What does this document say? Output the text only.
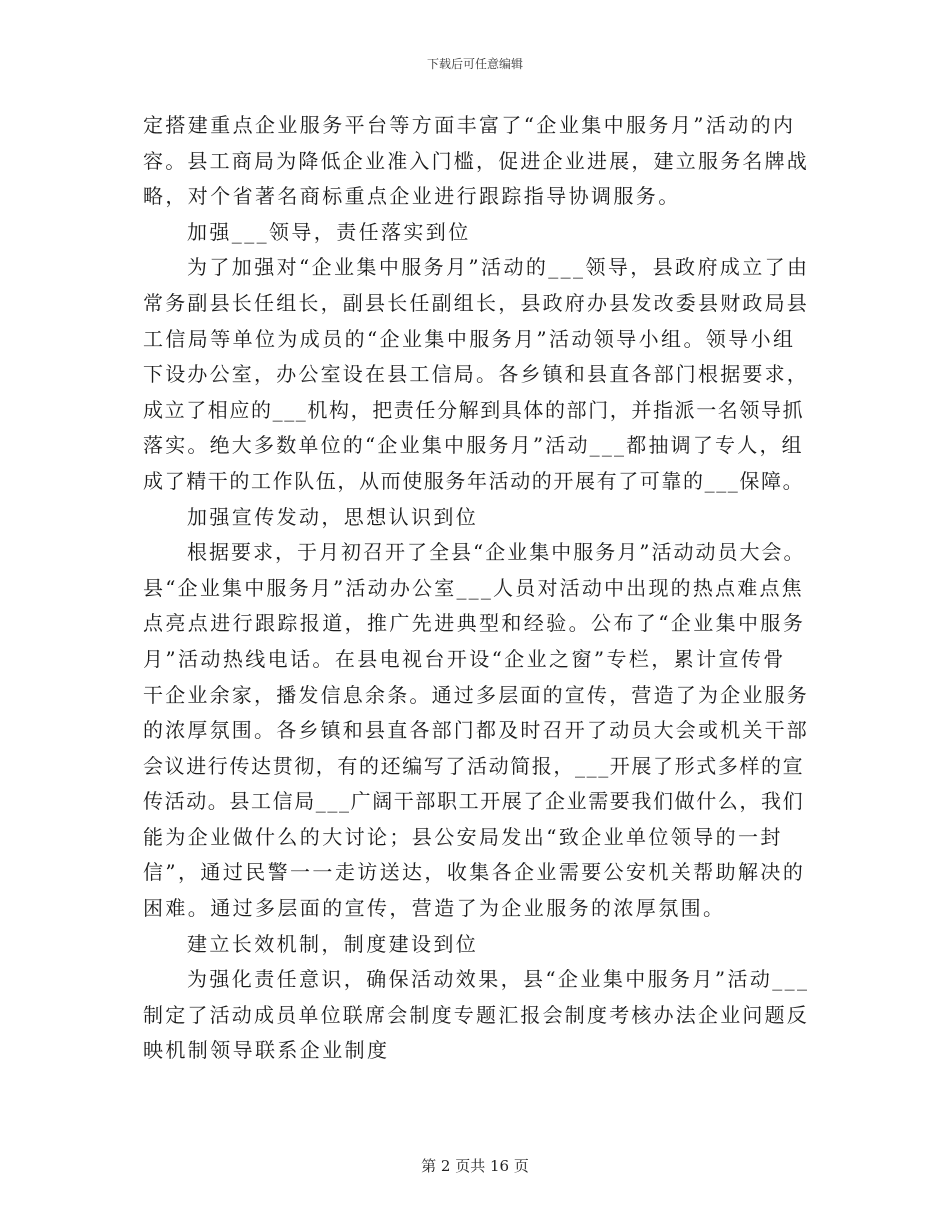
下载后可任意编辑
定搭建重点企业服务平台等方面丰富了“企业集中服务月”活动的内
容。县工商局为降低企业准入门槛，促进企业进展，建立服务名牌战
略，对个省著名商标重点企业进行跟踪指导协调服务。
加强___领导，责任落实到位
为了加强对“企业集中服务月”活动的___领导，县政府成立了由
常务副县长任组长，副县长任副组长，县政府办县发改委县财政局县
工信局等单位为成员的“企业集中服务月”活动领导小组。领导小组
下设办公室，办公室设在县工信局。各乡镇和县直各部门根据要求，
成立了相应的___机构，把责任分解到具体的部门，并指派一名领导抓
落实。绝大多数单位的“企业集中服务月”活动___都抽调了专人，组
成了精干的工作队伍，从而使服务年活动的开展有了可靠的___保障。
加强宣传发动，思想认识到位
根据要求，于月初召开了全县“企业集中服务月”活动动员大会。
县“企业集中服务月”活动办公室___人员对活动中出现的热点难点焦
点亮点进行跟踪报道，推广先进典型和经验。公布了“企业集中服务
月”活动热线电话。在县电视台开设“企业之窗”专栏，累计宣传骨
干企业余家，播发信息余条。通过多层面的宣传，营造了为企业服务
的浓厚氛围。各乡镇和县直各部门都及时召开了动员大会或机关干部
会议进行传达贯彻，有的还编写了活动简报，___开展了形式多样的宣
传活动。县工信局___广阔干部职工开展了企业需要我们做什么，我们
能为企业做什么的大讨论；县公安局发出“致企业单位领导的一封
信”，通过民警一一走访送达，收集各企业需要公安机关帮助解决的
困难。通过多层面的宣传，营造了为企业服务的浓厚氛围。
建立长效机制，制度建设到位
为强化责任意识，确保活动效果，县“企业集中服务月”活动___
制定了活动成员单位联席会制度专题汇报会制度考核办法企业问题反
映机制领导联系企业制度
第 2 页共 16 页
